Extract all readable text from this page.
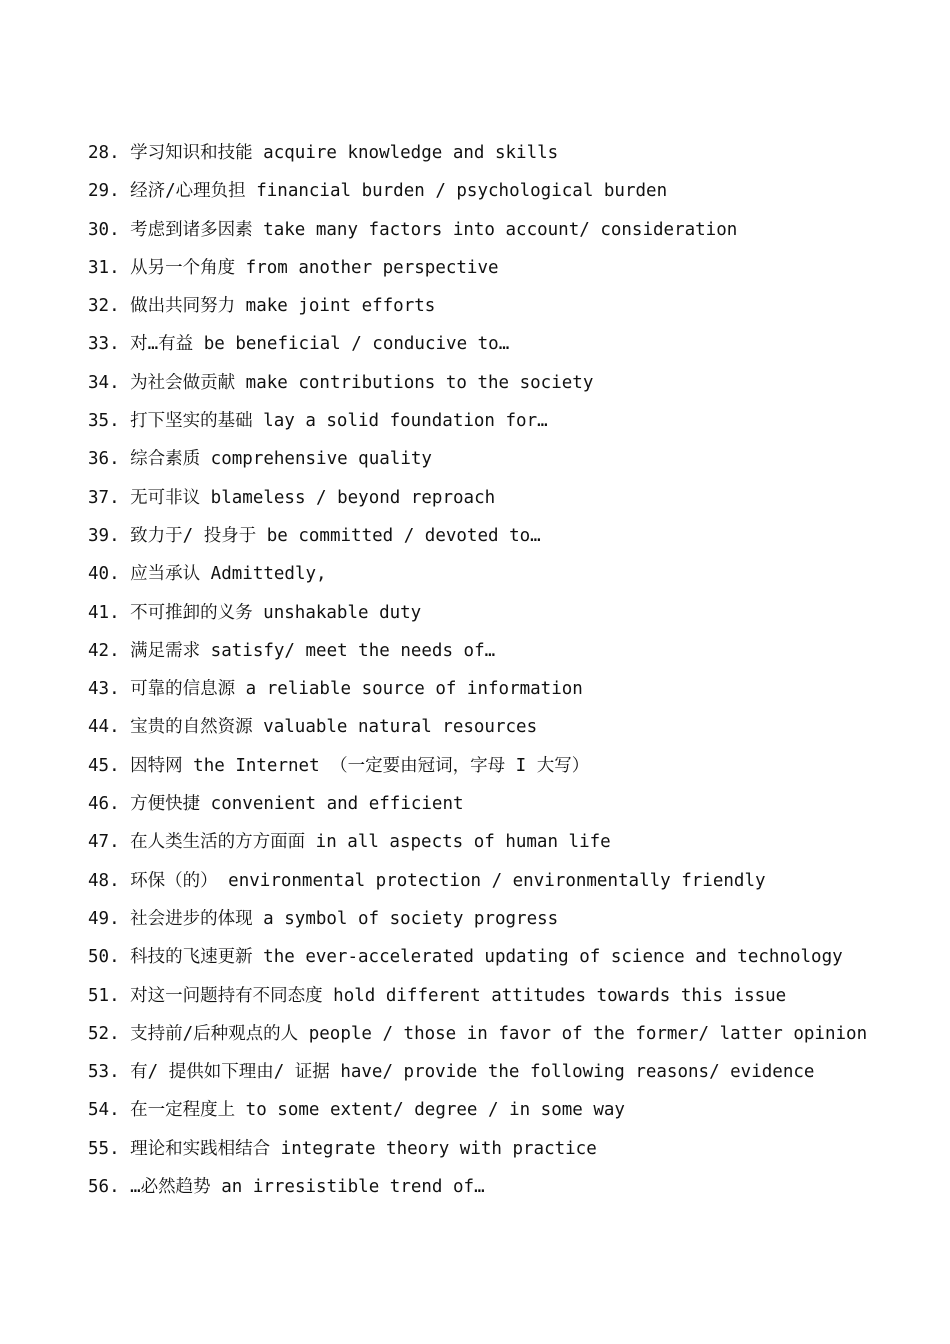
28. 学习知识和技能 acquire knowledge and skills
29. 经济/心理负担 financial burden / psychological burden
30. 考虑到诸多因素 take many factors into account/ consideration
31. 从另一个角度 from another perspective
32. 做出共同努力 make joint efforts
33. 对…有益 be beneficial / conducive to…
34. 为社会做贡献 make contributions to the society
35. 打下坚实的基础 lay a solid foundation for…
36. 综合素质 comprehensive quality
37. 无可非议 blameless / beyond reproach
39. 致力于/ 投身于 be committed / devoted to…
40. 应当承认 Admittedly,
41. 不可推卸的义务 unshakable duty
42. 满足需求 satisfy/ meet the needs of…
43. 可靠的信息源 a reliable source of information
44. 宝贵的自然资源 valuable natural resources
45. 因特网 the Internet （一定要由冠词，字母 I 大写）
46. 方便快捷 convenient and efficient
47. 在人类生活的方方面面 in all aspects of human life
48. 环保（的） environmental protection / environmentally friendly
49. 社会进步的体现 a symbol of society progress
50. 科技的飞速更新 the ever-accelerated updating of science and technology
51. 对这一问题持有不同态度 hold different attitudes towards this issue
52. 支持前/后种观点的人 people / those in favor of the former/ latter opinion
53. 有/ 提供如下理由/ 证据 have/ provide the following reasons/ evidence
54. 在一定程度上 to some extent/ degree / in some way
55. 理论和实践相结合 integrate theory with practice
56. …必然趋势 an irresistible trend of…
